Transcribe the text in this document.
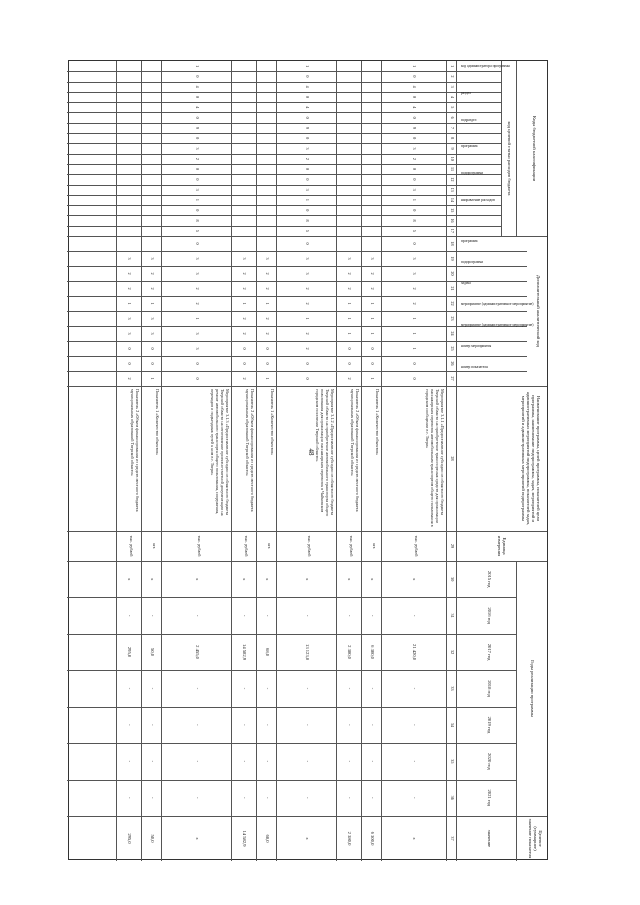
48
Коды бюджетной классификации
код целевой статьи расходов бюджета
Дополнительный аналитический код
Наименование программы, целей программы, показателей цели программы, наименование подпрограммы, задач, мероприятий и административных мероприятий подпрограммы, показателей задач, мероприятий и административных мероприятий подпрограммы
Единица измерения
Годы реализации программы
Целевое (суммарное) значение показателя
значение
2015 год
2016 год
2017 год
2018 год
2019 год
2020 год
2021 год
код администратора программы
раздел
подраздел
программа
подпрограмма
направление расходов
программа
подпрограмма
задача
мероприятие (административное мероприятие)
мероприятие (административное мероприятие)
номер мероприятия
номер показателя
1
2
3
4
5
6
7
8
9
10
11
12
13
14
15
16
17
18
19
20
21
22
23
24
25
26
27
28
29
30
31
32
33
34
35
36
37
1
0
4
0
4
0
9
0
3
2
0
0
3
1
0
8
5
0
3
3
2
2
1
1
1
0
0
Мероприятие 3.1.1 «Предоставление субсидии из областного бюджета Тверской области на приобретение транспортных средств для организации пассажирских перевозок автомобильным транспортом общего пользования в городском сообщении в г. Твери»
тыс. рублей
x
-
21 420,0
-
-
-
-
x
3
2
2
1
1
1
0
0
1
Показатель 1 «Количество объектов»
шт.
x
-
6 300,0
-
-
-
-
6 300,0
3
2
2
1
1
1
0
0
2
Показатель 2 «Объем финансирования из средств местного бюджета муниципальных образований Тверской области»
тыс. рублей
x
-
2 380,0
-
-
-
-
2 380,0
1
0
4
0
4
0
9
0
3
2
0
0
3
1
0
8
5
0
3
3
2
2
1
2
2
0
0
Мероприятие 3.1.2 «Предоставление субсидии из областного бюджета Тверской области на приобретение автомобильного транспорта общего пользования для организации пассажирских перевозок в Чайковском городском поселении Тверской области»
тыс. рублей
x
-
13 123,8
-
-
-
-
x
3
2
2
1
2
2
0
0
1
Показатель 1 «Количество объектов»
шт.
x
-
68,0
-
-
-
-
68,0
3
2
2
1
2
2
0
0
2
Показатель 2 «Объем финансирования из средств местного бюджета муниципальных образований Тверской области»
тыс. рублей
x
-
14 582,9
-
-
-
-
14 582,9
1
0
4
0
4
0
9
0
3
2
0
0
3
1
0
8
5
0
3
3
2
2
1
3
3
0
0
Мероприятие 3.1.3 «Предоставление субсидии из областного бюджета Тверской области на изготовление проектно-сметной документации на ремонт автомобильного транспорта общего пользования, сооружения, переходов и подъездных путей к ним в г. Твери»
тыс. рублей
x
-
2 455,0
-
-
-
-
x
3
2
2
1
3
3
0
0
1
Показатель 1 «Количество объектов»
шт.
x
-
50,0
-
-
-
-
50,0
3
2
2
1
3
3
0
0
2
Показатель 2 «Объем финансирования из средств местного бюджета муниципальных образований Тверской области»
тыс. рублей
x
-
295,0
-
-
-
-
295,0
